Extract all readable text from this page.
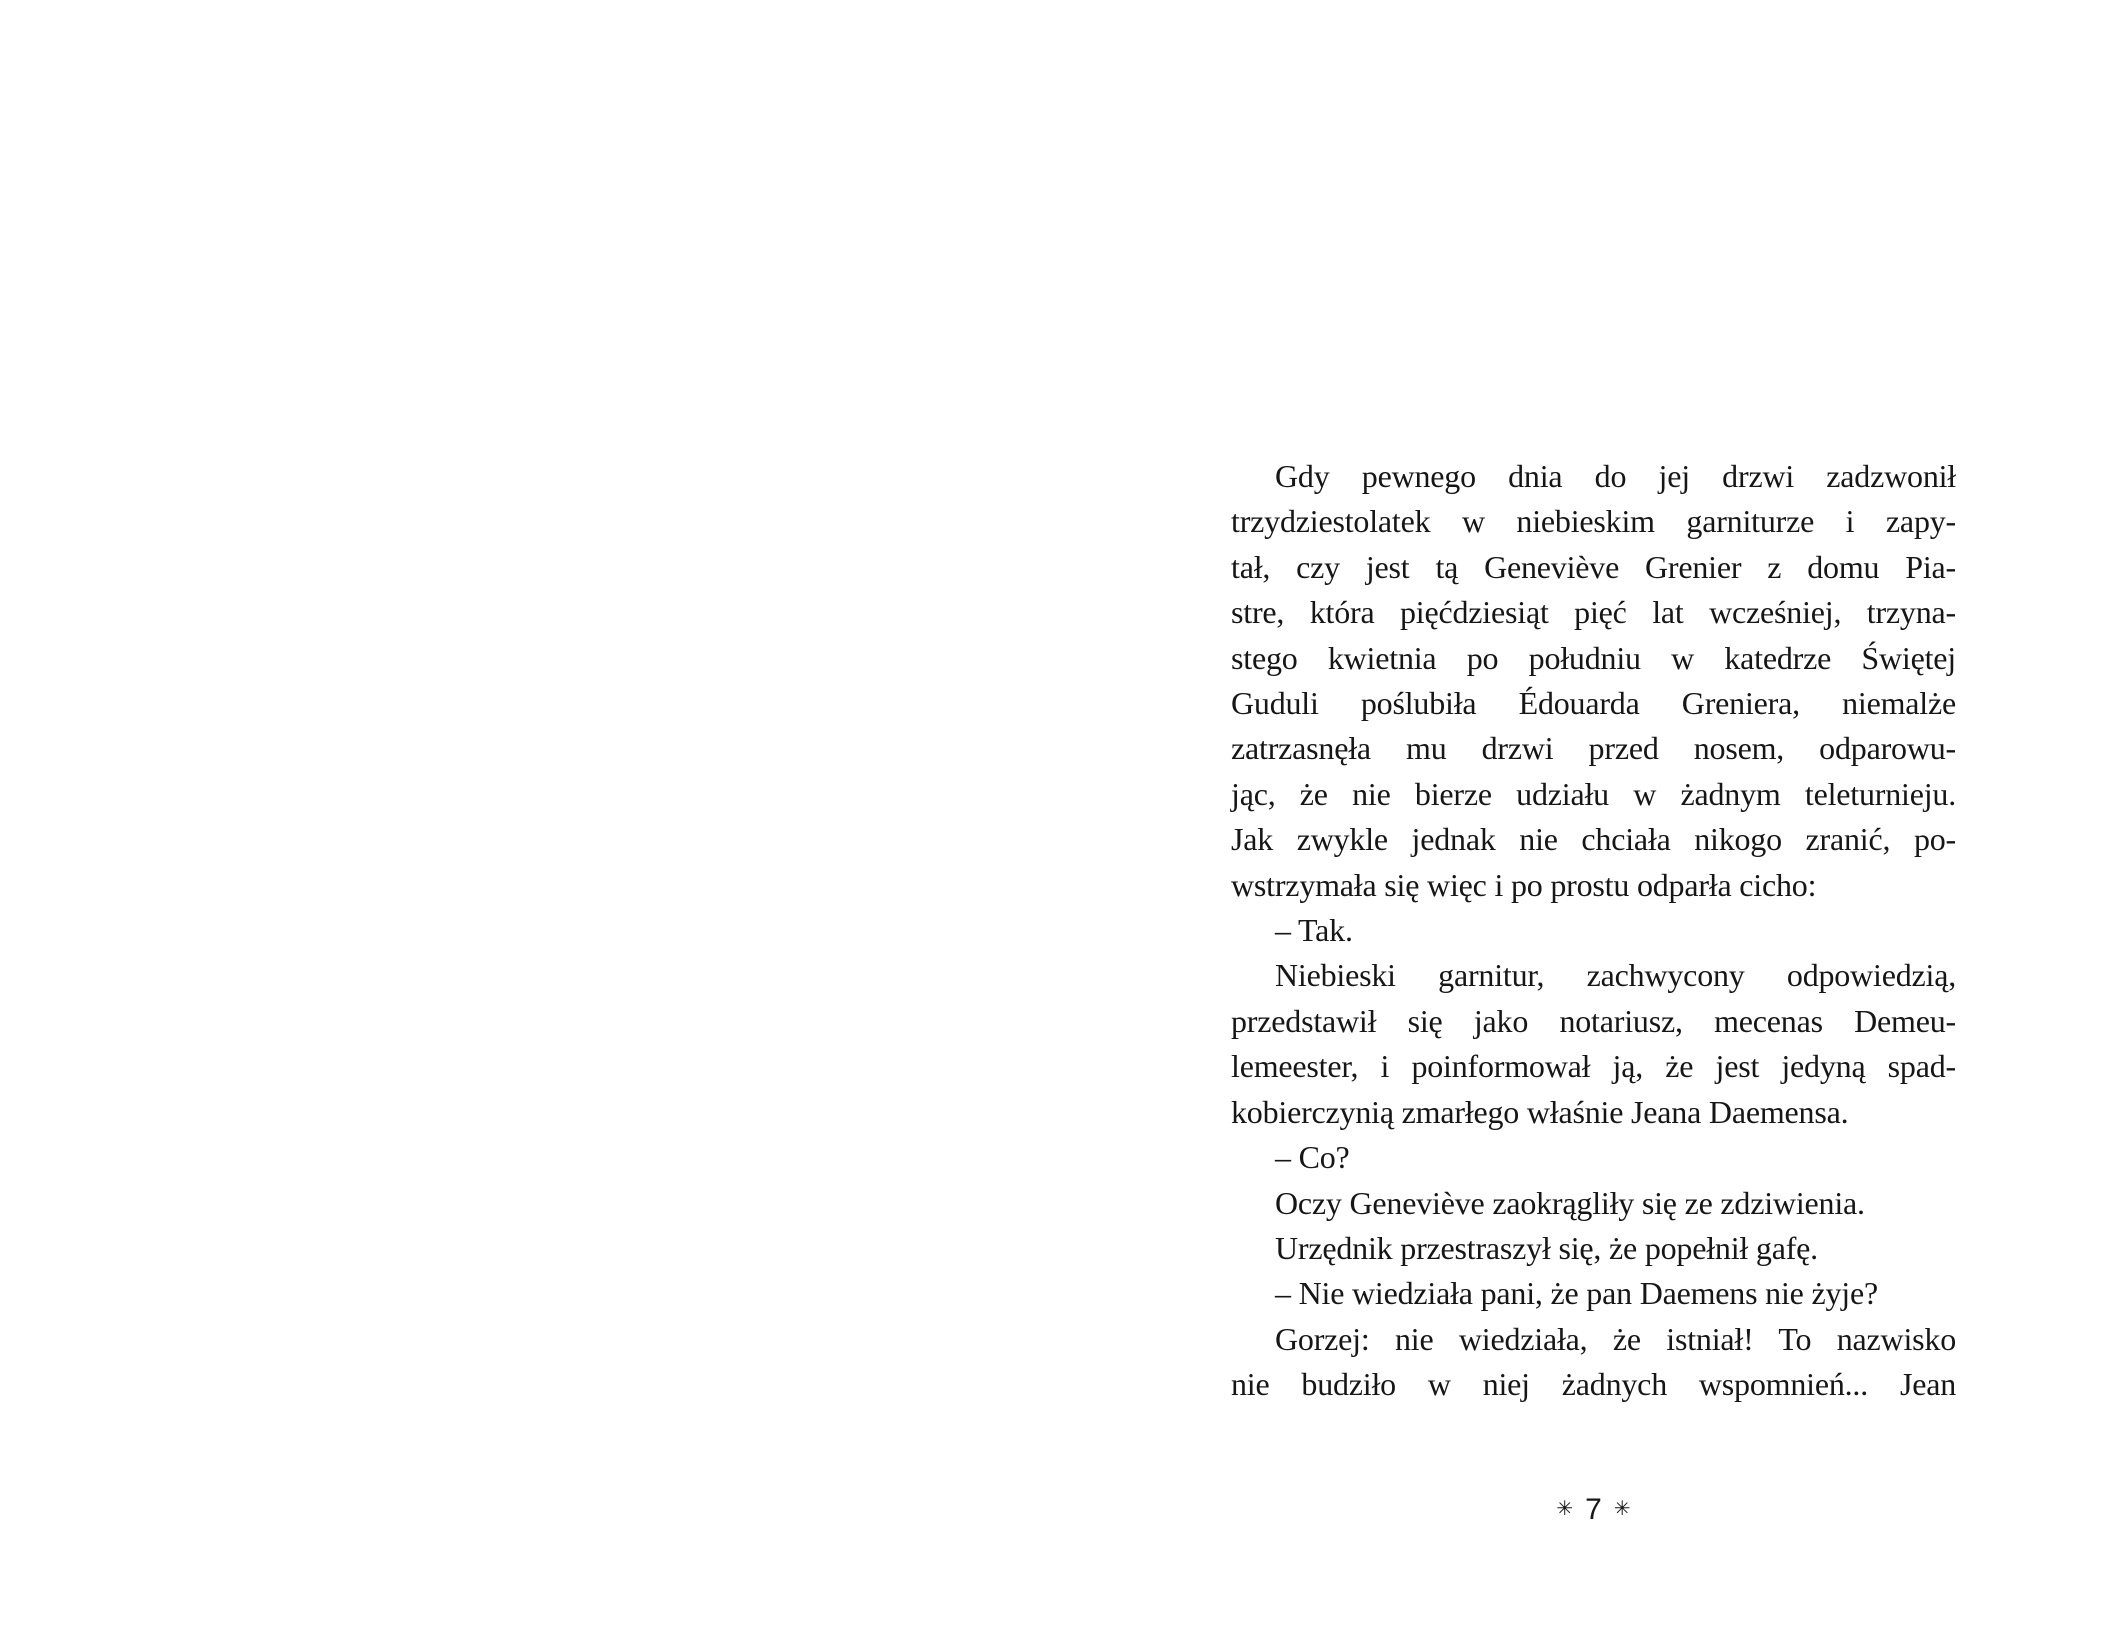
Gdy pewnego dnia do jej drzwi zadzwonił
trzydziestolatek w niebieskim garniturze i zapy-
tał, czy jest tą Geneviève Grenier z domu Pia-
stre, która pięćdziesiąt pięć lat wcześniej, trzyna-
stego kwietnia po południu w katedrze Świętej
Guduli poślubiła Édouarda Greniera, niemalże
zatrzasnęła mu drzwi przed nosem, odparowu-
jąc, że nie bierze udziału w żadnym teleturnieju.
Jak zwykle jednak nie chciała nikogo zranić, po-
wstrzymała się więc i po prostu odparła cicho:
– Tak.
Niebieski garnitur, zachwycony odpowiedzią,
przedstawił się jako notariusz, mecenas Demeu-
lemeester, i poinformował ją, że jest jedyną spad-
kobierczynią zmarłego właśnie Jeana Daemensa.
– Co?
Oczy Geneviève zaokrągliły się ze zdziwienia.
Urzędnik przestraszył się, że popełnił gafę.
– Nie wiedziała pani, że pan Daemens nie żyje?
Gorzej: nie wiedziała, że istniał! To nazwisko
nie budziło w niej żadnych wspomnień... Jean
✳ 7 ✳
